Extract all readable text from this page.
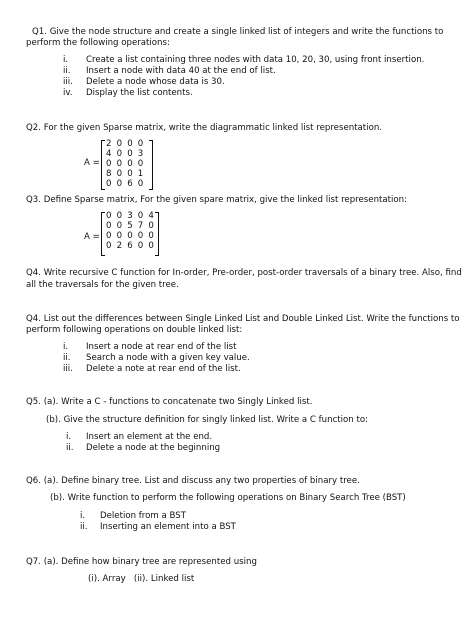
Q1. Give the node structure and create a single linked list of integers and write the functions to
perform the following operations:
i. Create a list containing three nodes with data 10, 20, 30, using front insertion.
ii. Insert a node with data 40 at the end of list.
iii. Delete a node whose data is 30.
iv. Display the list contents.
Q2. For the given Sparse matrix, write the diagrammatic linked list representation.
A =
2 0 0 0
4 0 0 3
0 0 0 0
8 0 0 1
0 0 6 0
Q3. Define Sparse matrix, For the given spare matrix, give the linked list representation:
A =
0 0 3 0 4
0 0 5 7 0
0 0 0 0 0
0 2 6 0 0
Q4. Write recursive C function for In-order, Pre-order, post-order traversals of a binary tree. Also, find
all the traversals for the given tree.
Q4. List out the differences between Single Linked List and Double Linked List. Write the functions to
perform following operations on double linked list:
i. Insert a node at rear end of the list
ii. Search a node with a given key value.
iii. Delete a note at rear end of the list.
Q5. (a). Write a C - functions to concatenate two Singly Linked list.
(b). Give the structure definition for singly linked list. Write a C function to:
i. Insert an element at the end.
ii. Delete a node at the beginning
Q6. (a). Define binary tree. List and discuss any two properties of binary tree.
(b). Write function to perform the following operations on Binary Search Tree (BST)
i. Deletion from a BST
ii. Inserting an element into a BST
Q7. (a). Define how binary tree are represented using
(i). Array   (ii). Linked list
